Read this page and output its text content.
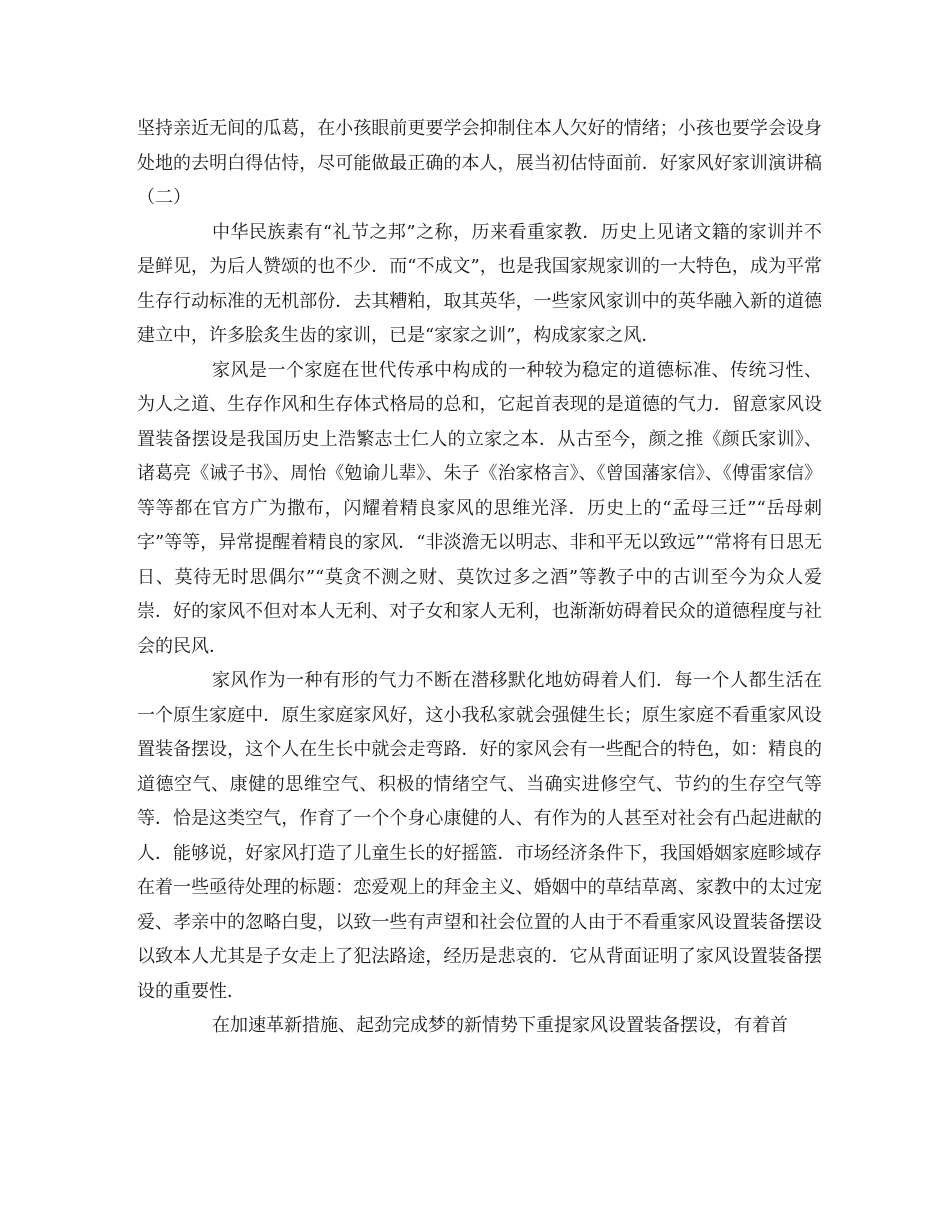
坚持亲近无间的瓜葛，在小孩眼前更要学会抑制住本人欠好的情绪；小孩也要学会设身处地的去明白得估恃，尽可能做最正确的本人，展当初估恃面前．好家风好家训演讲稿（二）

中华民族素有“礼节之邦”之称，历来看重家教．历史上见诸文籍的家训并不是鲜见，为后人赞颂的也不少．而“不成文”，也是我国家规家训的一大特色，成为平常生存行动标准的无机部份．去其糟粕，取其英华，一些家风家训中的英华融入新的道德建立中，许多脍炙生齿的家训，已是“家家之训”，构成家家之风．

家风是一个家庭在世代传承中构成的一种较为稳定的道德标准、传统习性、为人之道、生存作风和生存体式格局的总和，它起首表现的是道德的气力．留意家风设置装备摆设是我国历史上浩繁志士仁人的立家之本．从古至今，颜之推《颜氏家训》、诸葛亮《诫子书》、周怡《勉谕儿辈》、朱子《治家格言》、《曾国藩家信》、《傅雷家信》等等都在官方广为撒布，闪耀着精良家风的思维光泽．历史上的“孟母三迁”“岳母刺字”等等，异常提醒着精良的家风．“非淡澹无以明志、非和平无以致远”“常将有日思无日、莫待无时思偶尔”“莫贪不测之财、莫饮过多之酒”等教子中的古训至今为众人爱崇．好的家风不但对本人无利、对子女和家人无利，也渐渐妨碍着民众的道德程度与社会的民风．

家风作为一种有形的气力不断在潜移默化地妨碍着人们．每一个人都生活在一个原生家庭中．原生家庭家风好，这小我私家就会强健生长；原生家庭不看重家风设置装备摆设，这个人在生长中就会走弯路．好的家风会有一些配合的特色，如：精良的道德空气、康健的思维空气、积极的情绪空气、当确实进修空气、节约的生存空气等等．恰是这类空气，作育了一个个身心康健的人、有作为的人甚至对社会有凸起进献的人．能够说，好家风打造了儿童生长的好摇篮．市场经济条件下，我国婚姻家庭畛域存在着一些亟待处理的标题：恋爱观上的拜金主义、婚姻中的草结草离、家教中的太过宠爱、孝亲中的忽略白叟，以致一些有声望和社会位置的人由于不看重家风设置装备摆设以致本人尤其是子女走上了犯法路途，经历是悲哀的．它从背面证明了家风设置装备摆设的重要性．

在加速革新措施、起劲完成梦的新情势下重提家风设置装备摆设，有着首
